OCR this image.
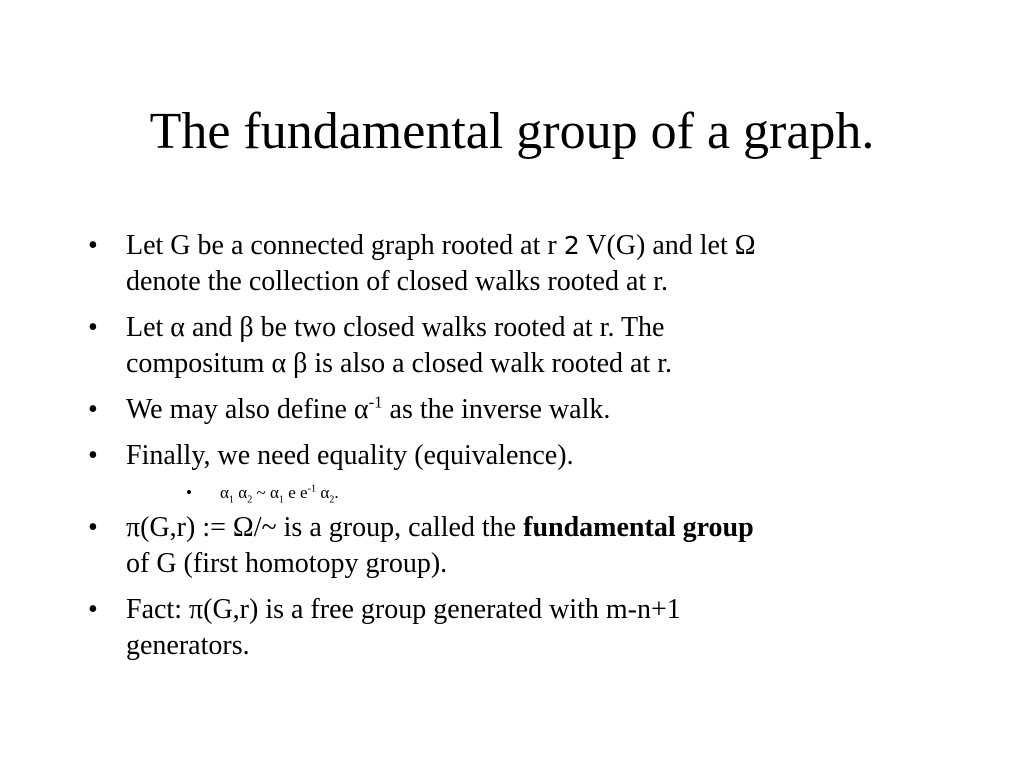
The fundamental group of a graph.
• Let G be a connected graph rooted at r 2 V(G) and let Ω
denote the collection of closed walks rooted at r.
• Let α and β be two closed walks rooted at r. The
compositum α β is also a closed walk rooted at r.
• We may also define $\alpha^{-1}$ as the inverse walk.
• Finally, we need equality (equivalence).
• $\alpha_1$ $\alpha_2$ ~ $\alpha_1$ e $e^{-1}$ $\alpha_2$.
• π(G,r) := Ω/~ is a group, called the fundamental group
of G (first homotopy group).
• Fact: π(G,r) is a free group generated with m-n+1
generators.
